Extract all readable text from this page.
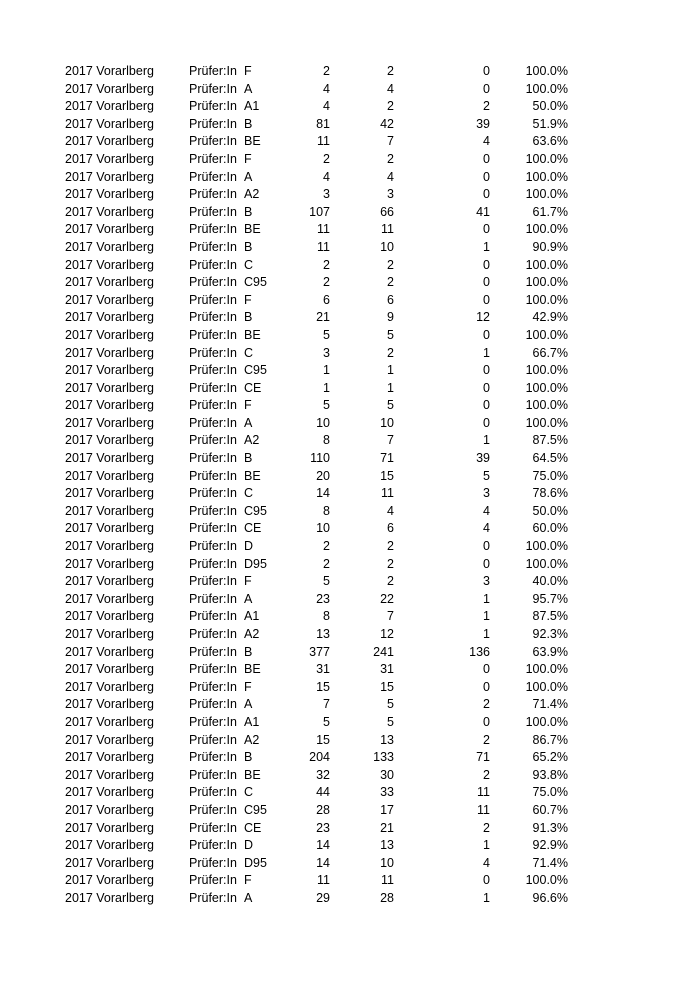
2017 Vorarlberg	Prüfer:In F	2	2	0	100.0%
2017 Vorarlberg	Prüfer:In A	4	4	0	100.0%
2017 Vorarlberg	Prüfer:In A1	4	2	2	50.0%
2017 Vorarlberg	Prüfer:In B	81	42	39	51.9%
2017 Vorarlberg	Prüfer:In BE	11	7	4	63.6%
2017 Vorarlberg	Prüfer:In F	2	2	0	100.0%
2017 Vorarlberg	Prüfer:In A	4	4	0	100.0%
2017 Vorarlberg	Prüfer:In A2	3	3	0	100.0%
2017 Vorarlberg	Prüfer:In B	107	66	41	61.7%
2017 Vorarlberg	Prüfer:In BE	11	11	0	100.0%
2017 Vorarlberg	Prüfer:In B	11	10	1	90.9%
2017 Vorarlberg	Prüfer:In C	2	2	0	100.0%
2017 Vorarlberg	Prüfer:In C95	2	2	0	100.0%
2017 Vorarlberg	Prüfer:In F	6	6	0	100.0%
2017 Vorarlberg	Prüfer:In B	21	9	12	42.9%
2017 Vorarlberg	Prüfer:In BE	5	5	0	100.0%
2017 Vorarlberg	Prüfer:In C	3	2	1	66.7%
2017 Vorarlberg	Prüfer:In C95	1	1	0	100.0%
2017 Vorarlberg	Prüfer:In CE	1	1	0	100.0%
2017 Vorarlberg	Prüfer:In F	5	5	0	100.0%
2017 Vorarlberg	Prüfer:In A	10	10	0	100.0%
2017 Vorarlberg	Prüfer:In A2	8	7	1	87.5%
2017 Vorarlberg	Prüfer:In B	110	71	39	64.5%
2017 Vorarlberg	Prüfer:In BE	20	15	5	75.0%
2017 Vorarlberg	Prüfer:In C	14	11	3	78.6%
2017 Vorarlberg	Prüfer:In C95	8	4	4	50.0%
2017 Vorarlberg	Prüfer:In CE	10	6	4	60.0%
2017 Vorarlberg	Prüfer:In D	2	2	0	100.0%
2017 Vorarlberg	Prüfer:In D95	2	2	0	100.0%
2017 Vorarlberg	Prüfer:In F	5	2	3	40.0%
2017 Vorarlberg	Prüfer:In A	23	22	1	95.7%
2017 Vorarlberg	Prüfer:In A1	8	7	1	87.5%
2017 Vorarlberg	Prüfer:In A2	13	12	1	92.3%
2017 Vorarlberg	Prüfer:In B	377	241	136	63.9%
2017 Vorarlberg	Prüfer:In BE	31	31	0	100.0%
2017 Vorarlberg	Prüfer:In F	15	15	0	100.0%
2017 Vorarlberg	Prüfer:In A	7	5	2	71.4%
2017 Vorarlberg	Prüfer:In A1	5	5	0	100.0%
2017 Vorarlberg	Prüfer:In A2	15	13	2	86.7%
2017 Vorarlberg	Prüfer:In B	204	133	71	65.2%
2017 Vorarlberg	Prüfer:In BE	32	30	2	93.8%
2017 Vorarlberg	Prüfer:In C	44	33	11	75.0%
2017 Vorarlberg	Prüfer:In C95	28	17	11	60.7%
2017 Vorarlberg	Prüfer:In CE	23	21	2	91.3%
2017 Vorarlberg	Prüfer:In D	14	13	1	92.9%
2017 Vorarlberg	Prüfer:In D95	14	10	4	71.4%
2017 Vorarlberg	Prüfer:In F	11	11	0	100.0%
2017 Vorarlberg	Prüfer:In A	29	28	1	96.6%
